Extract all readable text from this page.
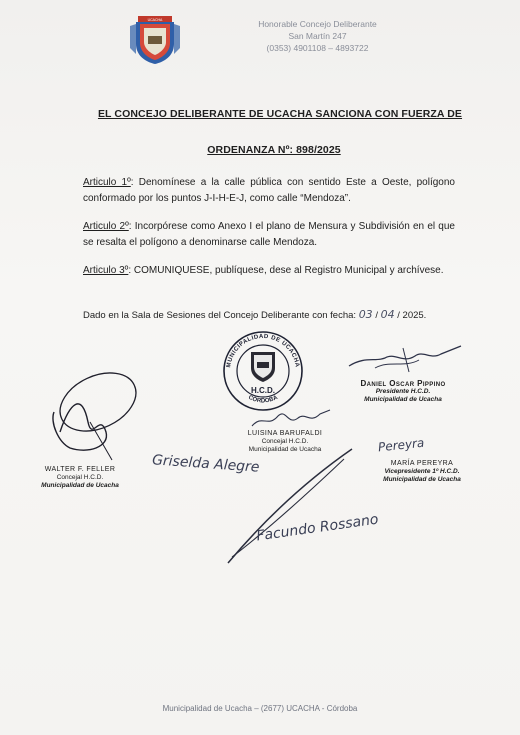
UCACHA	Honorable Concejo Deliberante
San Martín 247
(0353) 4901108 – 4893722
EL CONCEJO DELIBERANTE DE UCACHA SANCIONA CON FUERZA DE
ORDENANZA Nº: 898/2025
Articulo 1º: Denomínese a la calle pública con sentido Este a Oeste, polígono conformado por los puntos J-I-H-E-J, como calle “Mendoza”.
Articulo 2º: Incorpórese como Anexo I el plano de Mensura y Subdivisión en el que se resalta el polígono a denominarse calle Mendoza.
Articulo 3º: COMUNIQUESE, publíquese, dese al Registro Municipal y archívese.
Dado en la Sala de Sesiones del Concejo Deliberante con fecha: 03 / 04 / 2025.
MUNICIPALIDAD DE UCACHA
CÓRDOBA
H.C.D.
Griselda Alegre
Facundo Rossano
Pereyra
Daniel Oscar Pippino
Presidente H.C.D.
Municipalidad de Ucacha
LUISINA BARUFALDI
Concejal H.C.D.
Municipalidad de Ucacha
MARÍA PEREYRA
Vicepresidente 1º H.C.D.
Municipalidad de Ucacha
WALTER F. FELLER
Concejal H.C.D.
Municipalidad de Ucacha
Municipalidad de Ucacha – (2677) UCACHA - Córdoba
